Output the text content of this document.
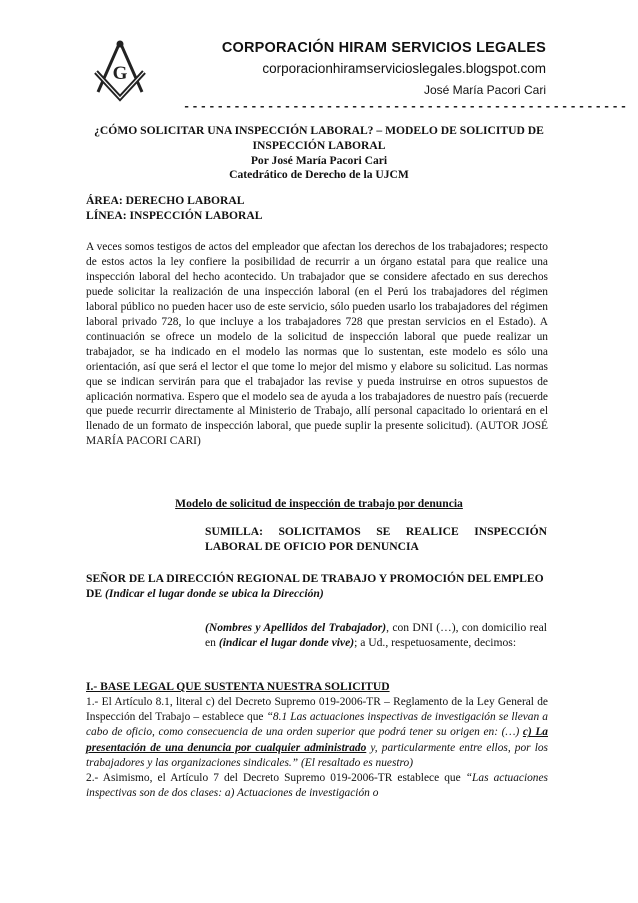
G
CORPORACIÓN HIRAM SERVICIOS LEGALES
corporacionhiramservicioslegales.blogspot.com
José María Pacori Cari
-----------------------------------------------------
¿CÓMO SOLICITAR UNA INSPECCIÓN LABORAL? – MODELO DE SOLICITUD DE
INSPECCIÓN LABORAL
Por José María Pacori Cari
Catedrático de Derecho de la UJCM
ÁREA: DERECHO LABORAL
LÍNEA: INSPECCIÓN LABORAL
A veces somos testigos de actos del empleador que afectan los derechos de los trabajadores; respecto de estos actos la ley confiere la posibilidad de recurrir a un órgano estatal para que realice una inspección laboral del hecho acontecido. Un trabajador que se considere afectado en sus derechos puede solicitar la realización de una inspección laboral (en el Perú los trabajadores del régimen laboral público no pueden hacer uso de este servicio, sólo pueden usarlo los trabajadores del régimen laboral privado 728, lo que incluye a los trabajadores 728 que prestan servicios en el Estado). A continuación se ofrece un modelo de la solicitud de inspección laboral que puede realizar un trabajador, se ha indicado en el modelo las normas que lo sustentan, este modelo es sólo una orientación, así que será el lector el que tome lo mejor del mismo y elabore su solicitud. Las normas que se indican servirán para que el trabajador las revise y pueda instruirse en otros supuestos de aplicación normativa. Espero que el modelo sea de ayuda a los trabajadores de nuestro país (recuerde que puede recurrir directamente al Ministerio de Trabajo, allí personal capacitado lo orientará en el llenado de un formato de inspección laboral, que puede suplir la presente solicitud). (AUTOR JOSÉ MARÍA PACORI CARI)
Modelo de solicitud de inspección de trabajo por denuncia
SUMILLA: SOLICITAMOS SE REALICE INSPECCIÓN LABORAL DE OFICIO POR DENUNCIA
SEÑOR DE LA DIRECCIÓN REGIONAL DE TRABAJO Y PROMOCIÓN DEL EMPLEO DE (Indicar el lugar donde se ubica la Dirección)
(Nombres y Apellidos del Trabajador), con DNI (…), con domicilio real en (indicar el lugar donde vive); a Ud., respetuosamente, decimos:
I.- BASE LEGAL QUE SUSTENTA NUESTRA SOLICITUD
1.- El Artículo 8.1, literal c) del Decreto Supremo 019-2006-TR – Reglamento de la Ley General de Inspección del Trabajo – establece que “8.1 Las actuaciones inspectivas de investigación se llevan a cabo de oficio, como consecuencia de una orden superior que podrá tener su origen en: (…) c) La presentación de una denuncia por cualquier administrado y, particularmente entre ellos, por los trabajadores y las organizaciones sindicales.” (El resaltado es nuestro)
2.- Asimismo, el Artículo 7 del Decreto Supremo 019-2006-TR establece que “Las actuaciones inspectivas son de dos clases: a) Actuaciones de investigación o
